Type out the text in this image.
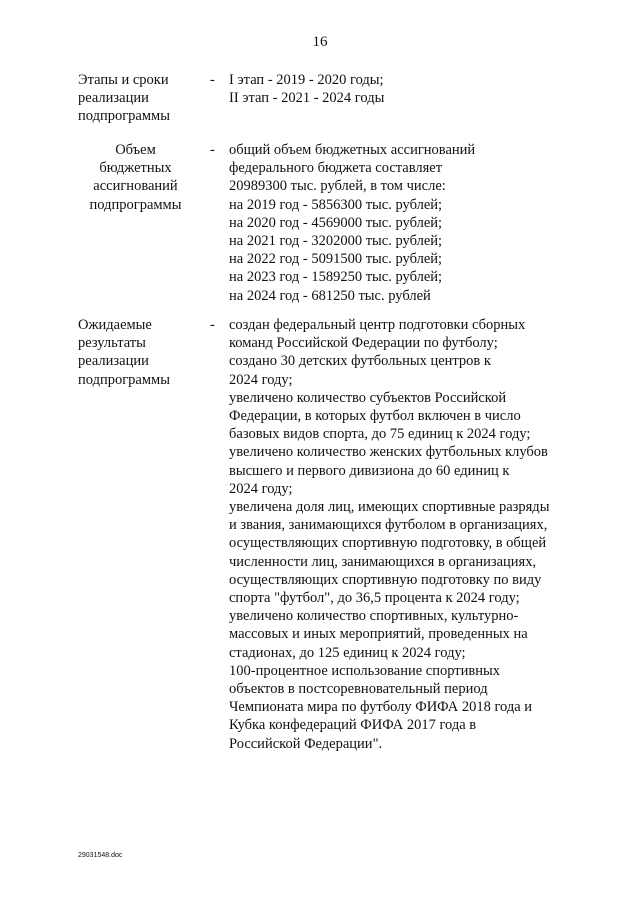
16
Этапы и сроки
реализации
подпрограммы
- I этап - 2019 - 2020 годы;
II этап - 2021 - 2024 годы
Объем
бюджетных
ассигнований
подпрограммы
- общий объем бюджетных ассигнований
федерального бюджета составляет
20989300 тыс. рублей, в том числе:
на 2019 год - 5856300 тыс. рублей;
на 2020 год - 4569000 тыс. рублей;
на 2021 год - 3202000 тыс. рублей;
на 2022 год - 5091500 тыс. рублей;
на 2023 год - 1589250 тыс. рублей;
на 2024 год - 681250 тыс. рублей
Ожидаемые
результаты
реализации
подпрограммы
- создан федеральный центр подготовки сборных
команд Российской Федерации по футболу;
создано 30 детских футбольных центров к
2024 году;
увеличено количество субъектов Российской
Федерации, в которых футбол включен в число
базовых видов спорта, до 75 единиц к 2024 году;
увеличено количество женских футбольных клубов
высшего и первого дивизиона до 60 единиц к
2024 году;
увеличена доля лиц, имеющих спортивные разряды
и звания, занимающихся футболом в организациях,
осуществляющих спортивную подготовку, в общей
численности лиц, занимающихся в организациях,
осуществляющих спортивную подготовку по виду
спорта "футбол", до 36,5 процента к 2024 году;
увеличено количество спортивных, культурно-
массовых и иных мероприятий, проведенных на
стадионах, до 125 единиц к 2024 году;
100-процентное использование спортивных
объектов в постсоревновательный период
Чемпионата мира по футболу ФИФА 2018 года и
Кубка конфедераций ФИФА 2017 года в
Российской Федерации".
29031548.doc
